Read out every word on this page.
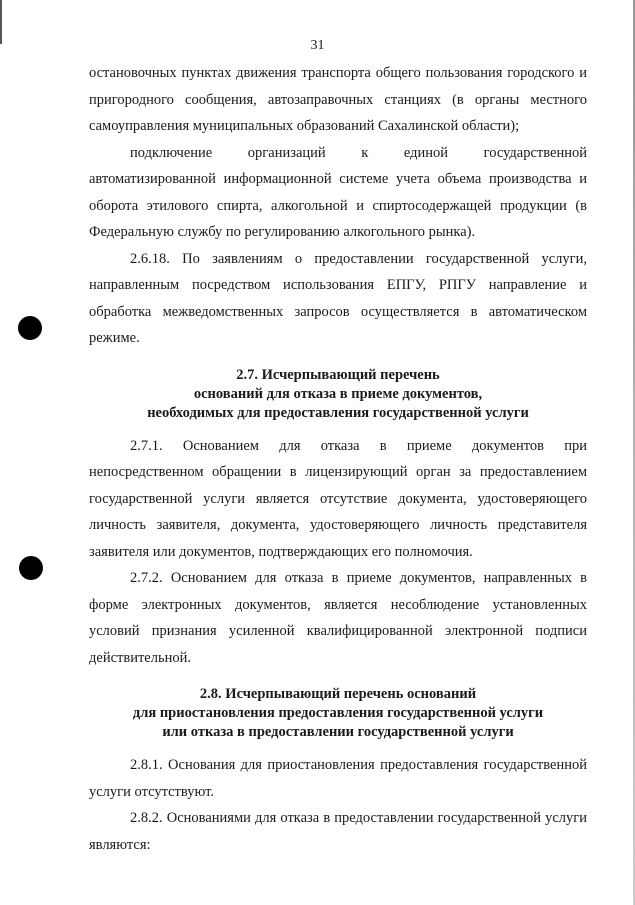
31

остановочных пунктах движения транспорта общего пользования городского и пригородного сообщения, автозаправочных станциях (в органы местного самоуправления муниципальных образований Сахалинской области);

подключение организаций к единой государственной автоматизированной информационной системе учета объема производства и оборота этилового спирта, алкогольной и спиртосодержащей продукции (в Федеральную службу по регулированию алкогольного рынка).

2.6.18. По заявлениям о предоставлении государственной услуги, направленным посредством использования ЕПГУ, РПГУ направление и обработка межведомственных запросов осуществляется в автоматическом режиме.

2.7. Исчерпывающий перечень
оснований для отказа в приеме документов,
необходимых для предоставления государственной услуги

2.7.1. Основанием для отказа в приеме документов при непосредственном обращении в лицензирующий орган за предоставлением государственной услуги является отсутствие документа, удостоверяющего личность заявителя, документа, удостоверяющего личность представителя заявителя или документов, подтверждающих его полномочия.

2.7.2. Основанием для отказа в приеме документов, направленных в форме электронных документов, является несоблюдение установленных условий признания усиленной квалифицированной электронной подписи действительной.

2.8. Исчерпывающий перечень оснований
для приостановления предоставления государственной услуги
или отказа в предоставлении государственной услуги

2.8.1. Основания для приостановления предоставления государственной услуги отсутствуют.

2.8.2. Основаниями для отказа в предоставлении государственной услуги являются:
